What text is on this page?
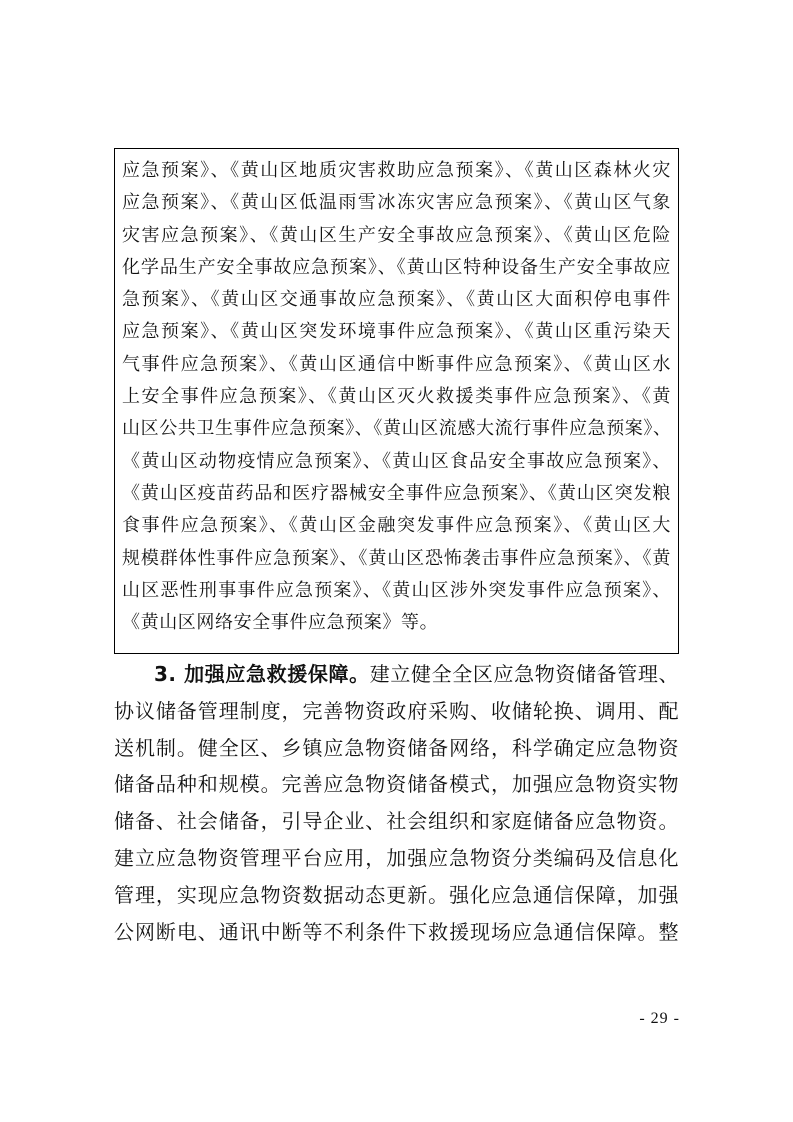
应急预案》、《黄山区地质灾害救助应急预案》、《黄山区森林火灾
应急预案》、《黄山区低温雨雪冰冻灾害应急预案》、《黄山区气象
灾害应急预案》、《黄山区生产安全事故应急预案》、《黄山区危险
化学品生产安全事故应急预案》、《黄山区特种设备生产安全事故应
急预案》、《黄山区交通事故应急预案》、《黄山区大面积停电事件
应急预案》、《黄山区突发环境事件应急预案》、《黄山区重污染天
气事件应急预案》、《黄山区通信中断事件应急预案》、《黄山区水
上安全事件应急预案》、《黄山区灭火救援类事件应急预案》、《黄
山区公共卫生事件应急预案》、《黄山区流感大流行事件应急预案》、
《黄山区动物疫情应急预案》、《黄山区食品安全事故应急预案》、
《黄山区疫苗药品和医疗器械安全事件应急预案》、《黄山区突发粮
食事件应急预案》、《黄山区金融突发事件应急预案》、《黄山区大
规模群体性事件应急预案》、《黄山区恐怖袭击事件应急预案》、《黄
山区恶性刑事事件应急预案》、《黄山区涉外突发事件应急预案》、
《黄山区网络安全事件应急预案》等。
3. 加强应急救援保障。建立健全全区应急物资储备管理、
协议储备管理制度，完善物资政府采购、收储轮换、调用、配
送机制。健全区、乡镇应急物资储备网络，科学确定应急物资
储备品种和规模。完善应急物资储备模式，加强应急物资实物
储备、社会储备，引导企业、社会组织和家庭储备应急物资。
建立应急物资管理平台应用，加强应急物资分类编码及信息化
管理，实现应急物资数据动态更新。强化应急通信保障，加强
公网断电、通讯中断等不利条件下救援现场应急通信保障。整
- 29 -
